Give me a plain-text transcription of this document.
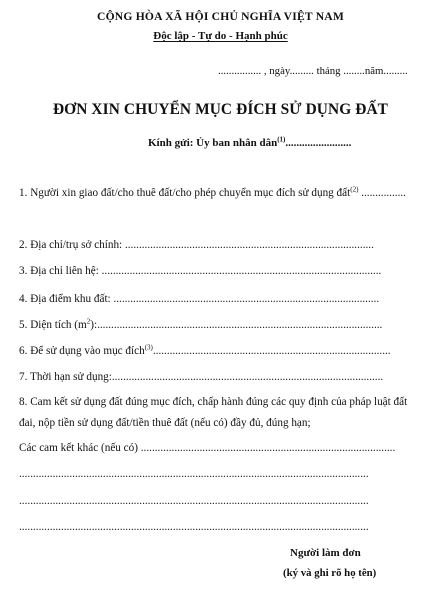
CỘNG HÒA XÃ HỘI CHỦ NGHĨA VIỆT NAM
Độc lập - Tự do - Hạnh phúc
................ , ngày......... tháng ........năm.........
ĐƠN XIN CHUYỂN MỤC ĐÍCH SỬ DỤNG ĐẤT
Kính gửi: Ủy ban nhân dân$^{(1)}$........................
1. Người xin giao đất/cho thuê đất/cho phép chuyển mục đích sử dụng đất$^{(2)}$ ................
2. Địa chỉ/trụ sở chính: .........................................................................................
3. Địa chỉ liên hệ: ....................................................................................................
4. Địa điểm khu đất: ...............................................................................................
5. Diện tích $(m^2)$:......................................................................................................
6. Để sử dụng vào mục đích$^{(3)}$.....................................................................................
7. Thời hạn sử dụng:.................................................................................................
8. Cam kết sử dụng đất đúng mục đích, chấp hành đúng các quy định của pháp luật đất
đai, nộp tiền sử dụng đất/tiền thuê đất (nếu có) đầy đủ, đúng hạn;
Các cam kết khác (nếu có) ...........................................................................................
.............................................................................................................................
.............................................................................................................................
.............................................................................................................................
Người làm đơn
(ký và ghi rõ họ tên)
